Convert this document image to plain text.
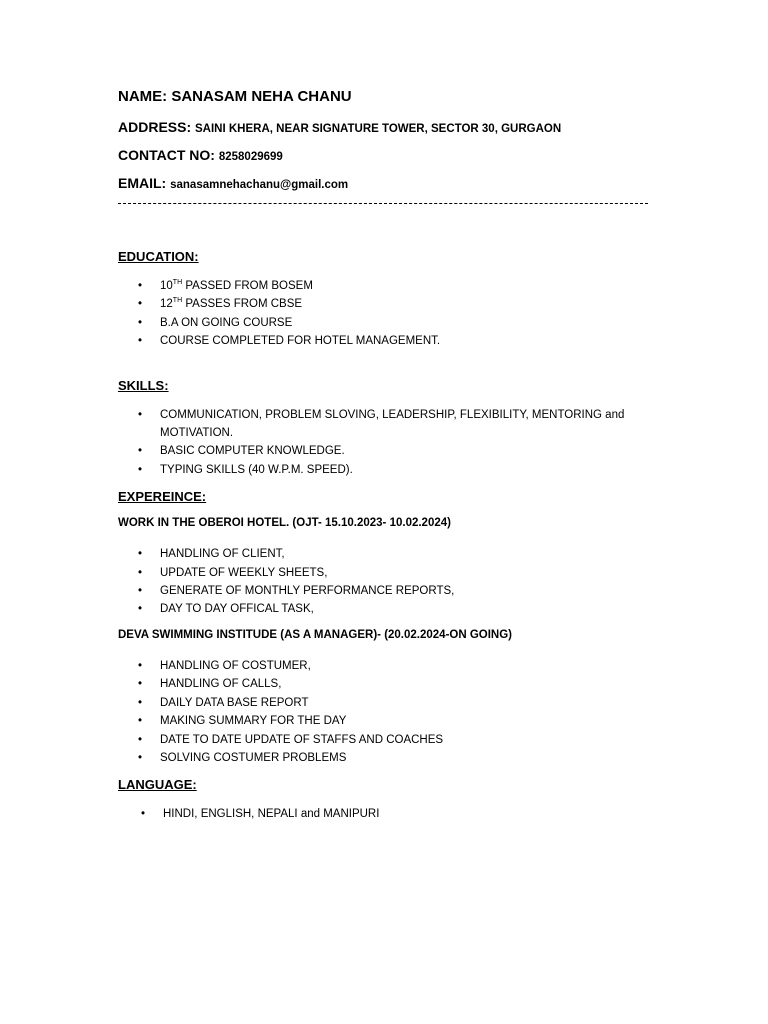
NAME: SANASAM NEHA CHANU

ADDRESS: SAINI KHERA, NEAR SIGNATURE TOWER, SECTOR 30, GURGAON

CONTACT NO: 8258029699

EMAIL: sanasamnehachanu@gmail.com

EDUCATION:

•	10TH PASSED FROM BOSEM
•	12TH PASSES FROM CBSE
•	B.A ON GOING COURSE
•	COURSE COMPLETED FOR HOTEL MANAGEMENT.

SKILLS:

•	COMMUNICATION, PROBLEM SLOVING, LEADERSHIP, FLEXIBILITY, MENTORING and MOTIVATION.
•	BASIC COMPUTER KNOWLEDGE.
•	TYPING SKILLS (40 W.P.M. SPEED).

EXPEREINCE:

WORK IN THE OBEROI HOTEL. (OJT- 15.10.2023- 10.02.2024)

•	HANDLING OF CLIENT,
•	UPDATE OF WEEKLY SHEETS,
•	GENERATE OF MONTHLY PERFORMANCE REPORTS,
•	DAY TO DAY OFFICAL TASK,

DEVA SWIMMING INSTITUDE (AS A MANAGER)- (20.02.2024-ON GOING)

•	HANDLING OF COSTUMER,
•	HANDLING OF CALLS,
•	DAILY DATA BASE REPORT
•	MAKING SUMMARY FOR THE DAY
•	DATE TO DATE UPDATE OF STAFFS AND COACHES
•	SOLVING COSTUMER PROBLEMS

LANGUAGE:

•	HINDI, ENGLISH, NEPALI and MANIPURI
